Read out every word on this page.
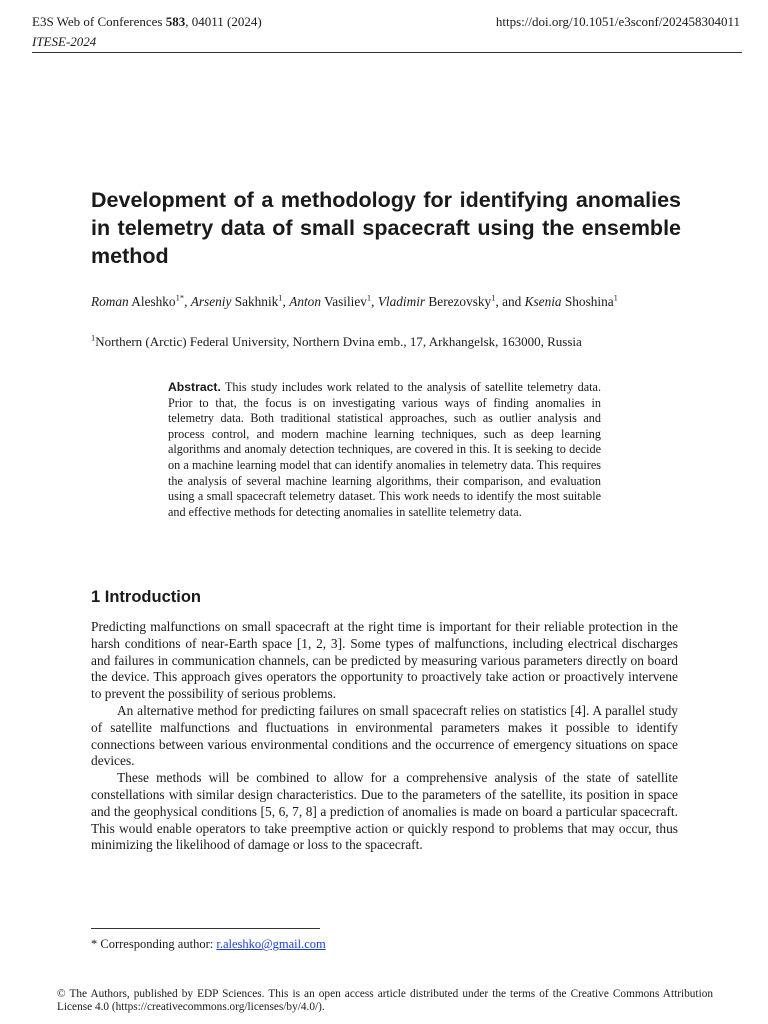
E3S Web of Conferences 583, 04011 (2024)
ITESE-2024
https://doi.org/10.1051/e3sconf/202458304011
Development of a methodology for identifying anomalies in telemetry data of small spacecraft using the ensemble method
Roman Aleshko$^{1*}$, Arseniy Sakhnik$^1$, Anton Vasiliev$^1$, Vladimir Berezovsky$^1$, and Ksenia Shoshina$^1$
$^1$Northern (Arctic) Federal University, Northern Dvina emb., 17, Arkhangelsk, 163000, Russia

Abstract. This study includes work related to the analysis of satellite telemetry data. Prior to that, the focus is on investigating various ways of finding anomalies in telemetry data. Both traditional statistical approaches, such as outlier analysis and process control, and modern machine learning techniques, such as deep learning algorithms and anomaly detection techniques, are covered in this. It is seeking to decide on a machine learning model that can identify anomalies in telemetry data. This requires the analysis of several machine learning algorithms, their comparison, and evaluation using a small spacecraft telemetry dataset. This work needs to identify the most suitable and effective methods for detecting anomalies in satellite telemetry data.

1 Introduction

Predicting malfunctions on small spacecraft at the right time is important for their reliable protection in the harsh conditions of near-Earth space [1, 2, 3]. Some types of malfunctions, including electrical discharges and failures in communication channels, can be predicted by measuring various parameters directly on board the device. This approach gives operators the opportunity to proactively take action or proactively intervene to prevent the possibility of serious problems.

An alternative method for predicting failures on small spacecraft relies on statistics [4]. A parallel study of satellite malfunctions and fluctuations in environmental parameters makes it possible to identify connections between various environmental conditions and the occurrence of emergency situations on space devices.

These methods will be combined to allow for a comprehensive analysis of the state of satellite constellations with similar design characteristics. Due to the parameters of the satellite, its position in space and the geophysical conditions [5, 6, 7, 8] a prediction of anomalies is made on board a particular spacecraft. This would enable operators to take preemptive action or quickly respond to problems that may occur, thus minimizing the likelihood of damage or loss to the spacecraft.

* Corresponding author: r.aleshko@gmail.com
© The Authors, published by EDP Sciences. This is an open access article distributed under the terms of the Creative Commons Attribution License 4.0 (https://creativecommons.org/licenses/by/4.0/).
